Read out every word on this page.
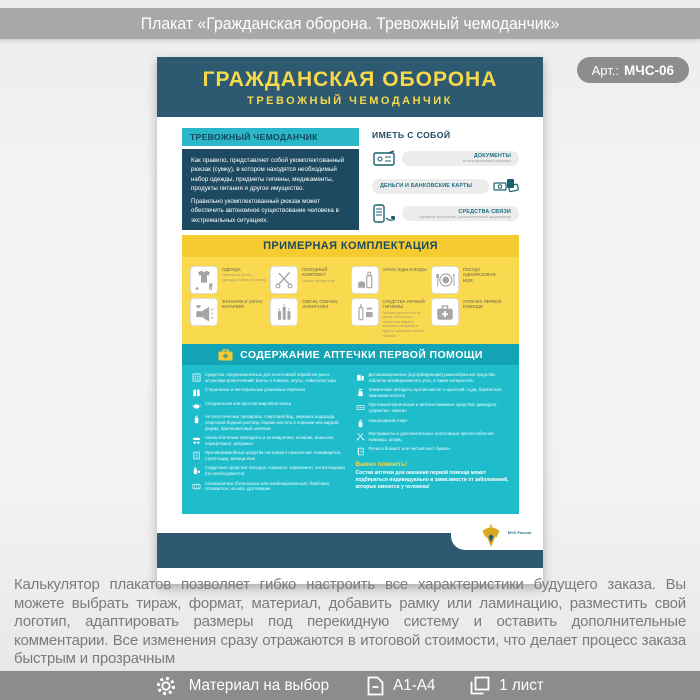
Плакат «Гражданская оборона. Тревожный чемоданчик»
Арт.: МЧС-06
ГРАЖДАНСКАЯ ОБОРОНА
ТРЕВОЖНЫЙ ЧЕМОДАНЧИК
ТРЕВОЖНЫЙ ЧЕМОДАНЧИК

Как правило, представляет собой укомплектованный рюкзак (сумку), в котором находятся необходимый набор одежды, предметы гигиены, медикаменты, продукты питания и другое имущество.

Правильно укомплектованный рюкзак может обеспечить автономное существование человека в экстремальных ситуациях.

ИМЕТЬ С СОБОЙ
ДОКУМЕНТЫ
в непромокаемой упаковке
ДЕНЬГИ И БАНКОВСКИЕ КАРТЫ
СРЕДСТВА СВЯЗИ
зарядное устройство, дополнительный аккумулятор
ПРИМЕРНАЯ КОМПЛЕКТАЦИЯ
ОДЕЖДА
Нательное белье, одежда и обувь по сезону
ПОХОДНЫЙ КОМПЛЕКТ
Ножик, иголки и пр.
ЗАПАС ЕДЫ И ВОДЫ	ПОСУДА ОДНОРАЗОВАЯ, НОЖ
ФОНАРИК И ЗАПАС БАТАРЕЕК
СВЕЧИ, СПИЧКИ, ЗАЖИГАЛКА
СРЕДСТВА ЛИЧНОЙ ГИГИЕНЫ
Зубная щетка и паста, мыло, полотенце, туалетная бумага, влажные салфетки и другие средства личной гигиены
АПТЕЧКА ПЕРВОЙ ПОМОЩИ
СОДЕРЖАНИЕ АПТЕЧКИ ПЕРВОЙ ПОМОЩИ
Средства, предназначенные для неотложной обработки ран и остановки кровотечений: бинты и повязки, жгуты, лейкопластыри
Стерильные и нестерильные резиновые перчатки
Специальная или простая марлевая маска
Антисептические препараты: спиртовой йод, перекись водорода, спиртовой йодный раствор, борная кислота в порошке или жидкой форме, бриллиантовый зелёный
Анальгетические препараты и антипиретики: аспирин, анальгин, парацетамол, цитрамон
Противомикробные средства системного назначения: левомицетин, стрептоцид, ампициллин
Сердечные средства: валидол, корвалол, корвалмент, нитроглицерин (по необходимости)
Спазмолитики (безопасные или комбинированные): барбовал, спазмалгон, но-шпа, дротаверин
Детоксикационные (адсорбирующие) разнообразные средства: таблетки активированного угля, а также энтеросгель
Химические антидоты против кислот и щелочей: сода, борная или лимонная кислота
Противоаллергические и антигистаминные средства: димедрол, супрастин, тавегил
Нашатырный спирт
Инструменты и дополнительные неотложные приспособления: ножницы, шприц
Ручка и блокнот или чистый лист бумаги
Важно помнить!
Состав аптечки для оказания первой помощи может подбираться индивидуально в зависимости от заболеваний, которые имеются у человека!
МЧС России

Калькулятор плакатов позволяет гибко настроить все характеристики будущего заказа. Вы можете выбрать тираж, формат, материал, добавить рамку или ламинацию, разместить свой логотип, адаптировать размеры под перекидную систему и оставить дополнительные комментарии. Все изменения сразу отражаются в итоговой стоимости, что делает процесс заказа быстрым и прозрачным

Материал на выбор	А1-А4	1 лист
